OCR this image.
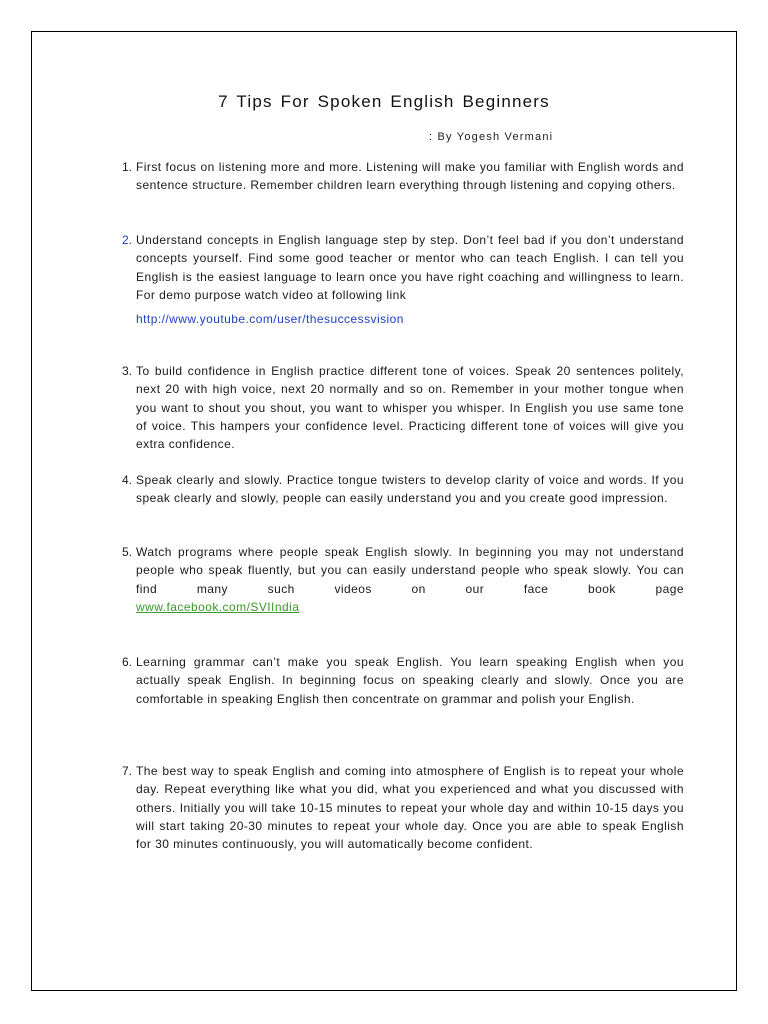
7 Tips For Spoken English Beginners
: By Yogesh Vermani
1. First focus on listening more and more. Listening will make you familiar with English words and sentence structure. Remember children learn everything through listening and copying others.
2. Understand concepts in English language step by step. Don’t feel bad if you don’t understand concepts yourself. Find some good teacher or mentor who can teach English. I can tell you English is the easiest language to learn once you have right coaching and willingness to learn. For demo purpose watch video at following link
http://www.youtube.com/user/thesuccessvision
3. To build confidence in English practice different tone of voices. Speak 20 sentences politely, next 20 with high voice, next 20 normally and so on. Remember in your mother tongue when you want to shout you shout, you want to whisper you whisper. In English you use same tone of voice. This hampers your confidence level. Practicing different tone of voices will give you extra confidence.
4. Speak clearly and slowly. Practice tongue twisters to develop clarity of voice and words. If you speak clearly and slowly, people can easily understand you and you create good impression.
5. Watch programs where people speak English slowly. In beginning you may not understand people who speak fluently, but you can easily understand people who speak slowly. You can find many such videos on our face book page
www.facebook.com/SVIIndia
6. Learning grammar can’t make you speak English. You learn speaking English when you actually speak English. In beginning focus on speaking clearly and slowly. Once you are comfortable in speaking English then concentrate on grammar and polish your English.
7. The best way to speak English and coming into atmosphere of English is to repeat your whole day. Repeat everything like what you did, what you experienced and what you discussed with others. Initially you will take 10-15 minutes to repeat your whole day and within 10-15 days you will start taking 20-30 minutes to repeat your whole day. Once you are able to speak English for 30 minutes continuously, you will automatically become confident.
